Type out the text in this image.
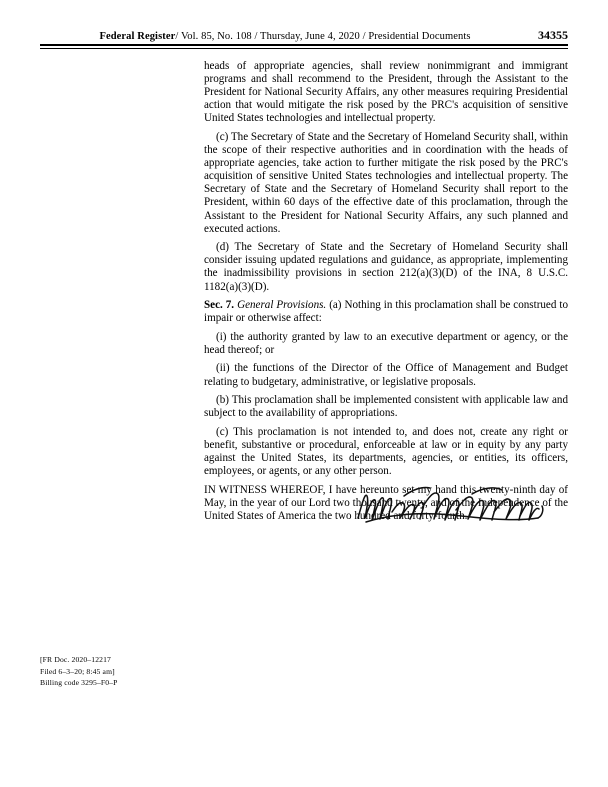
Federal Register/ Vol. 85, No. 108 / Thursday, June 4, 2020 / Presidential Documents	34355

heads of appropriate agencies, shall review nonimmigrant and immigrant programs and shall recommend to the President, through the Assistant to the President for National Security Affairs, any other measures requiring Presidential action that would mitigate the risk posed by the PRC's acquisition of sensitive United States technologies and intellectual property.

(c) The Secretary of State and the Secretary of Homeland Security shall, within the scope of their respective authorities and in coordination with the heads of appropriate agencies, take action to further mitigate the risk posed by the PRC's acquisition of sensitive United States technologies and intellectual property. The Secretary of State and the Secretary of Homeland Security shall report to the President, within 60 days of the effective date of this proclamation, through the Assistant to the President for National Security Affairs, any such planned and executed actions.

(d) The Secretary of State and the Secretary of Homeland Security shall consider issuing updated regulations and guidance, as appropriate, implementing the inadmissibility provisions in section 212(a)(3)(D) of the INA, 8 U.S.C. 1182(a)(3)(D).

Sec. 7. General Provisions. (a) Nothing in this proclamation shall be construed to impair or otherwise affect:

(i) the authority granted by law to an executive department or agency, or the head thereof; or

(ii) the functions of the Director of the Office of Management and Budget relating to budgetary, administrative, or legislative proposals.

(b) This proclamation shall be implemented consistent with applicable law and subject to the availability of appropriations.

(c) This proclamation is not intended to, and does not, create any right or benefit, substantive or procedural, enforceable at law or in equity by any party against the United States, its departments, agencies, or entities, its officers, employees, or agents, or any other person.

IN WITNESS WHEREOF, I have hereunto set my hand this twenty-ninth day of May, in the year of our Lord two thousand twenty, and of the Independence of the United States of America the two hundred and forty-fourth.

[FR Doc. 2020–12217
Filed 6–3–20; 8:45 am]
Billing code 3295–F0–P
